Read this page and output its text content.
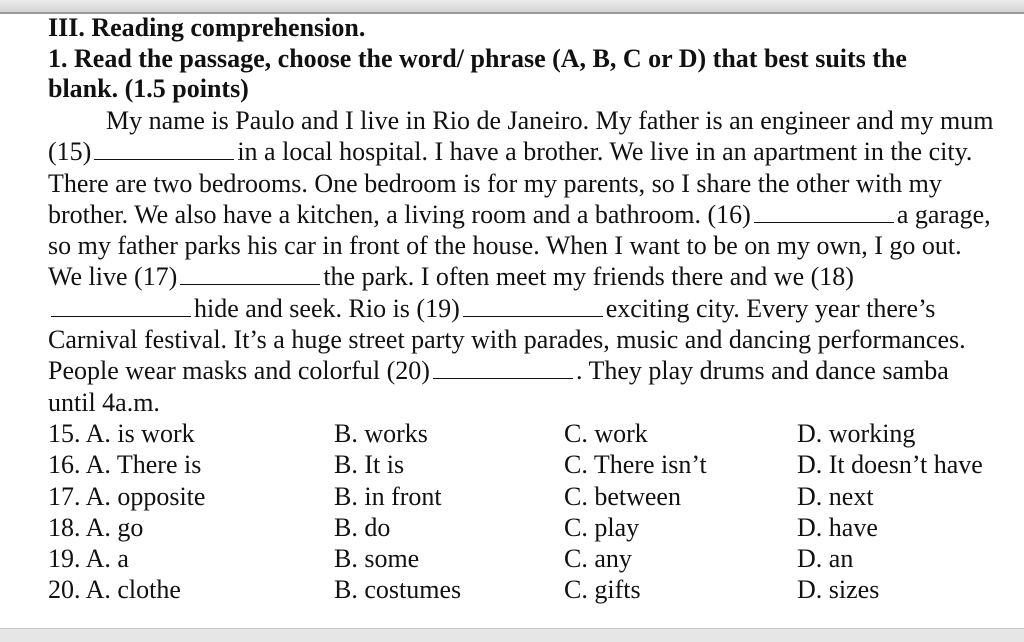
III. Reading comprehension.

1. Read the passage, choose the word/ phrase (A, B, C or D) that best suits the
blank. (1.5 points)

My name is Paulo and I live in Rio de Janeiro. My father is an engineer and my mum (15)	in a local hospital. I have a brother. We live in an apartment in the city. There are two bedrooms. One bedroom is for my parents, so I share the other with my brother. We also have a kitchen, a living room and a bathroom. (16)	a garage, so my father parks his car in front of the house. When I want to be on my own, I go out. We live (17)	the park. I often meet my friends there and we (18)hide and seek. Rio is (19)	exciting city. Every year there’s Carnival festival. It’s a huge street party with parades, music and dancing performances. People wear masks and colorful (20)	. They play drums and dance samba until 4a.m.

15. A. is work	B. works	C. work	D. working
16. A. There is	B. It is	C. There isn’t	D. It doesn’t have
17. A. opposite	B. in front	C. between	D. next
18. A. go	B. do	C. play	D. have
19. A. a	B. some	C. any	D. an
20. A. clothe	B. costumes	C. gifts	D. sizes
